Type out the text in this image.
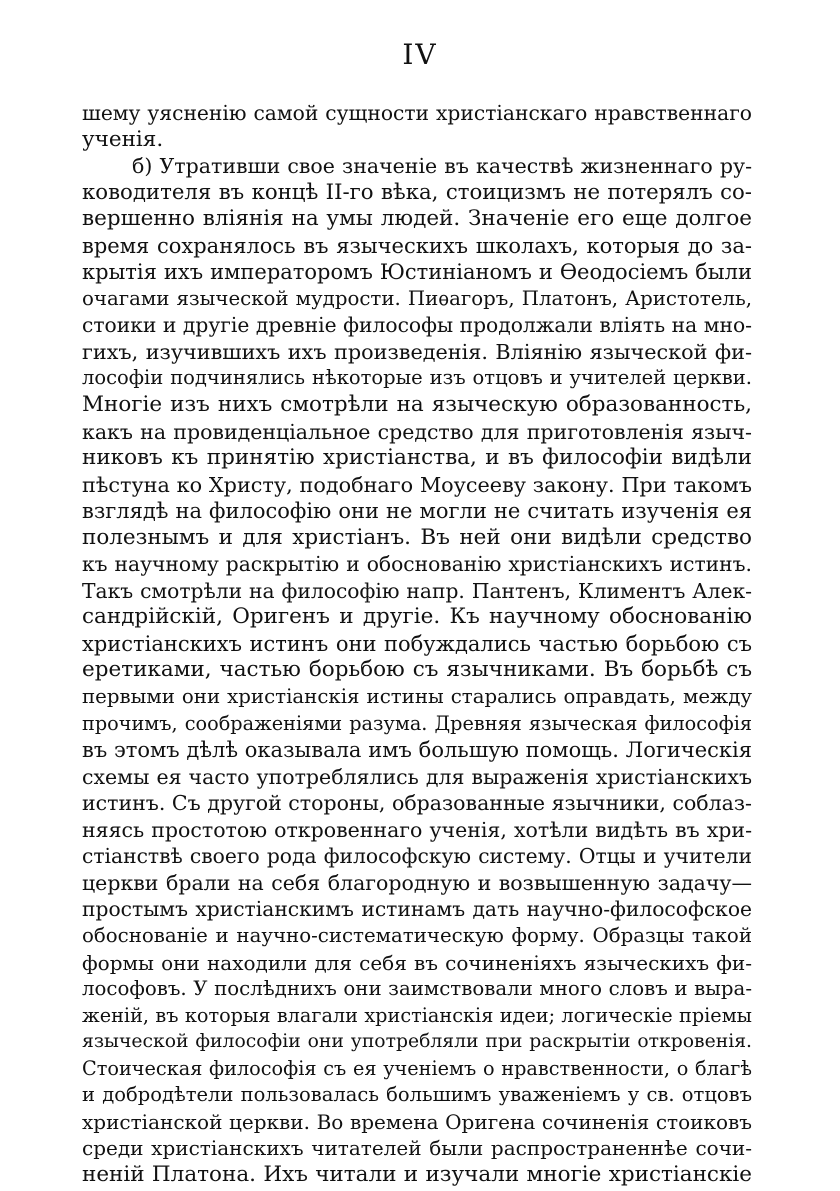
IV
шему уясненію самой сущности христіанскаго нравственнаго
ученія.
б) Утративши свое значеніе въ качествѣ жизненнаго ру-
ководителя въ концѣ II-го вѣка, стоицизмъ не потерялъ со-
вершенно вліянія на умы людей. Значеніе его еще долгое
время сохранялось въ языческихъ школахъ, которыя до за-
крытія ихъ императоромъ Юстиніаномъ и Ѳеодосіемъ были
очагами языческой мудрости. Пиѳагоръ, Платонъ, Аристотель,
стоики и другіе древніе философы продолжали вліять на мно-
гихъ, изучившихъ ихъ произведенія. Вліянію языческой фи-
лософіи подчинялись нѣкоторые изъ отцовъ и учителей церкви.
Многіе изъ нихъ смотрѣли на языческую образованность,
какъ на провиденціальное средство для приготовленія языч-
никовъ къ принятію христіанства, и въ философіи видѣли
пѣстуна ко Христу, подобнаго Моусееву закону. При такомъ
взглядѣ на философію они не могли не считать изученія ея
полезнымъ и для христіанъ. Въ ней они видѣли средство
къ научному раскрытію и обоснованію христіанскихъ истинъ.
Такъ смотрѣли на философію напр. Пантенъ, Климентъ Алек-
сандрійскій, Оригенъ и другіе. Къ научному обоснованію
христіанскихъ истинъ они побуждались частью борьбою съ
еретиками, частью борьбою съ язычниками. Въ борьбѣ съ
первыми они христіанскія истины старались оправдать, между
прочимъ, соображеніями разума. Древняя языческая философія
въ этомъ дѣлѣ оказывала имъ большую помощь. Логическія
схемы ея часто употреблялись для выраженія христіанскихъ
истинъ. Съ другой стороны, образованные язычники, соблаз-
няясь простотою откровеннаго ученія, хотѣли видѣть въ хри-
стіанствѣ своего рода философскую систему. Отцы и учители
церкви брали на себя благородную и возвышенную задачу—
простымъ христіанскимъ истинамъ дать научно-философское
обоснованіе и научно-систематическую форму. Образцы такой
формы они находили для себя въ сочиненіяхъ языческихъ фи-
лософовъ. У послѣднихъ они заимствовали много словъ и выра-
женій, въ которыя влагали христіанскія идеи; логическіе пріемы
языческой философіи они употребляли при раскрытіи откровенія.
Стоическая философія съ ея ученіемъ о нравственности, о благѣ
и добродѣтели пользовалась большимъ уваженіемъ у св. отцовъ
христіанской церкви. Во времена Оригена сочиненія стоиковъ
среди христіанскихъ читателей были распространеннѣе сочи-
неній Платона. Ихъ читали и изучали многіе христіанскіе
